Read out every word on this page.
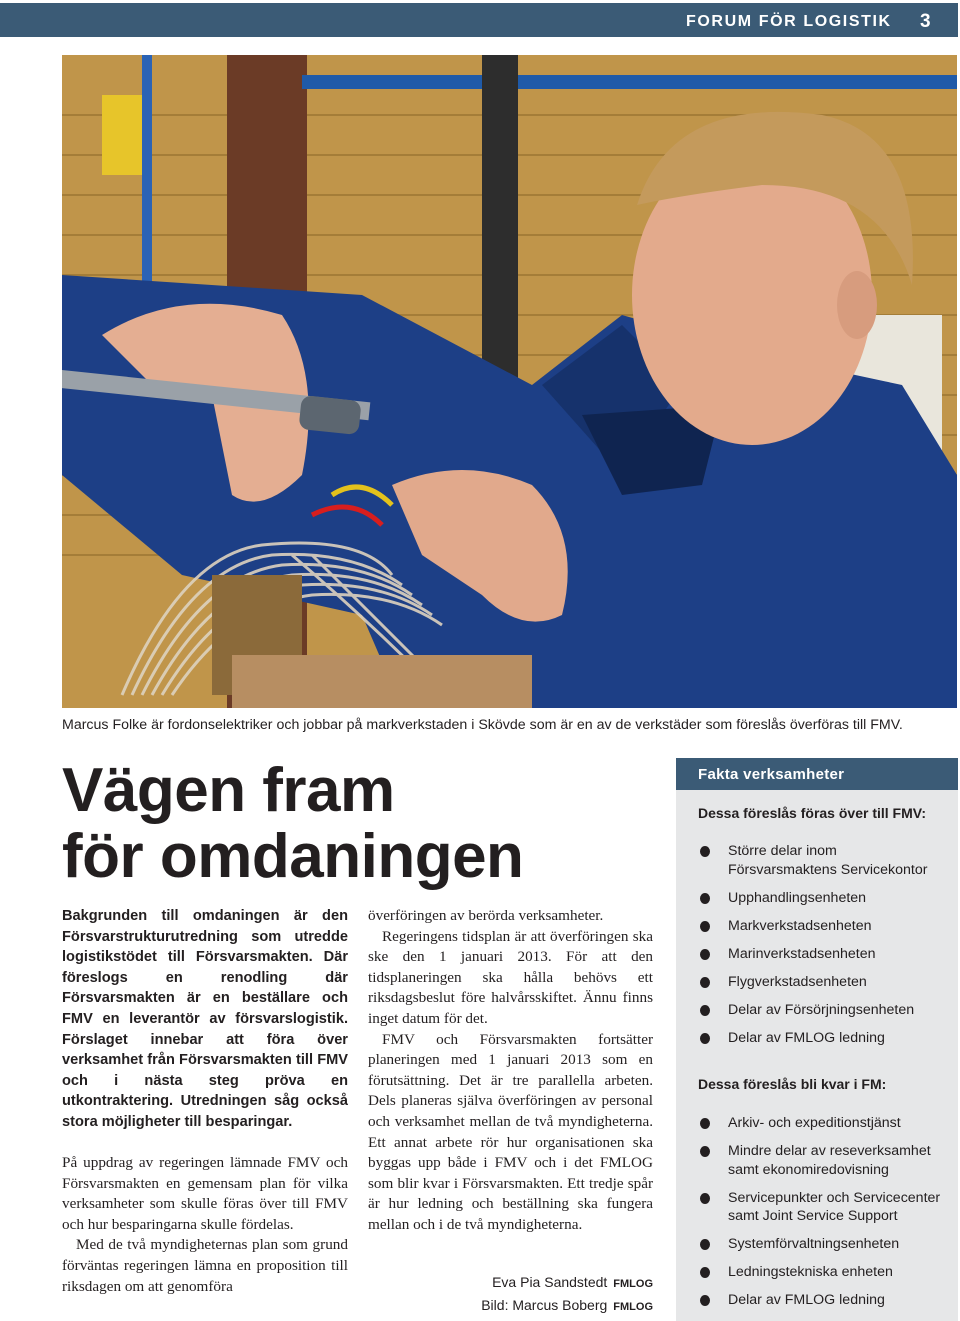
FORUM FÖR LOGISTIK 3
Marcus Folke är fordonselektriker och jobbar på markverkstaden i Skövde som är en av de verkstäder som föreslås överföras till FMV.
Vägen fram
för omdaningen
Bakgrunden till omdaningen är den Försvarstrukturutredning som utredde logistikstödet till Försvarsmakten. Där föreslogs en renodling där Försvarsmakten är en beställare och FMV en leverantör av försvarslogistik. Förslaget innebar att föra över verksamhet från Försvarsmakten till FMV och i nästa steg pröva en utkontraktering. Utredningen såg också stora möjligheter till besparingar.

På uppdrag av regeringen lämnade FMV och Försvarsmakten en gemensam plan för vilka verksamheter som skulle föras över till FMV och hur besparingarna skulle fördelas.

Med de två myndigheternas plan som grund förväntas regeringen lämna en proposition till riksdagen om att genomföra

överföringen av berörda verksamheter.

Regeringens tidsplan är att överföringen ska ske den 1 januari 2013. För att den tidsplaneringen ska hålla behövs ett riksdagsbeslut före halvårsskiftet. Ännu finns inget datum för det.

FMV och Försvarsmakten fortsätter planeringen med 1 januari 2013 som en förutsättning. Det är tre parallella arbeten. Dels planeras själva överföringen av personal och verksamhet mellan de två myndigheterna. Ett annat arbete rör hur organisationen ska byggas upp både i FMV och i det FMLOG som blir kvar i Försvarsmakten. Ett tredje spår är hur ledning och beställning ska fungera mellan och i de två myndigheterna.

Eva Pia Sandstedt FMLOG
Bild: Marcus Boberg FMLOG
Fakta verksamheter
Dessa föreslås föras över till FMV:
Större delar inom Försvarsmaktens Servicekontor
Upphandlingsenheten
Markverkstadsenheten
Marinverkstadsenheten
Flygverkstadsenheten
Delar av Försörjningsenheten
Delar av FMLOG ledning
Dessa föreslås bli kvar i FM:
Arkiv- och expeditionstjänst
Mindre delar av reseverksamhet samt ekonomiredovisning
Servicepunkter och Servicecenter samt Joint Service Support
Systemförvaltningsenheten
Ledningstekniska enheten
Delar av FMLOG ledning
